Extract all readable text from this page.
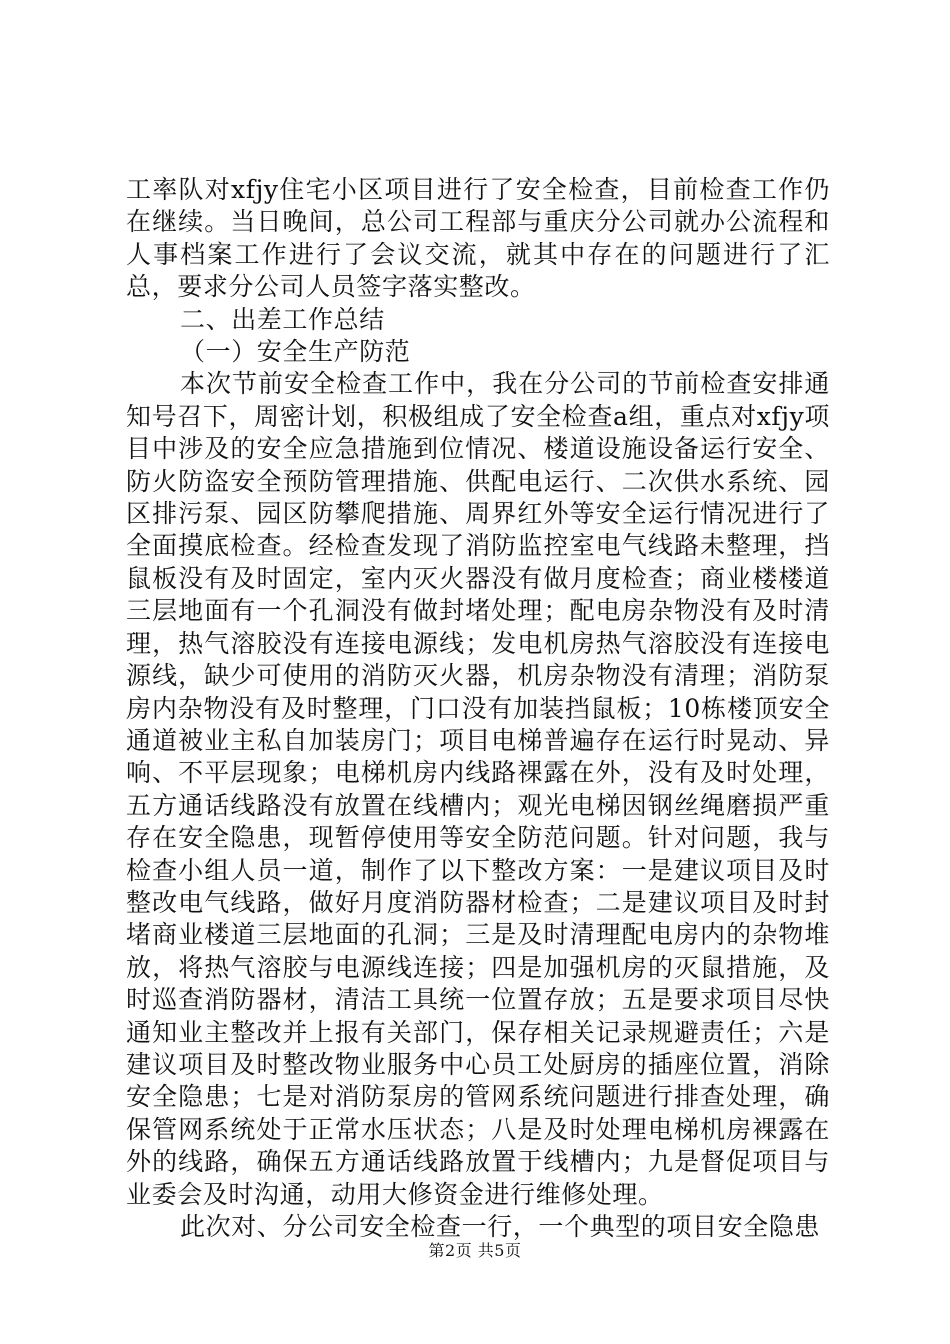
工率队对xfjy住宅小区项目进行了安全检查，目前检查工作仍在继续。当日晚间，总公司工程部与重庆分公司就办公流程和人事档案工作进行了会议交流，就其中存在的问题进行了汇总，要求分公司人员签字落实整改。

二、出差工作总结

（一）安全生产防范

本次节前安全检查工作中，我在分公司的节前检查安排通知号召下，周密计划，积极组成了安全检查a组，重点对xfjy项目中涉及的安全应急措施到位情况、楼道设施设备运行安全、防火防盗安全预防管理措施、供配电运行、二次供水系统、园区排污泵、园区防攀爬措施、周界红外等安全运行情况进行了全面摸底检查。经检查发现了消防监控室电气线路未整理，挡鼠板没有及时固定，室内灭火器没有做月度检查；商业楼楼道三层地面有一个孔洞没有做封堵处理；配电房杂物没有及时清理，热气溶胶没有连接电源线；发电机房热气溶胶没有连接电源线，缺少可使用的消防灭火器，机房杂物没有清理；消防泵房内杂物没有及时整理，门口没有加装挡鼠板；10栋楼顶安全通道被业主私自加装房门；项目电梯普遍存在运行时晃动、异响、不平层现象；电梯机房内线路裸露在外，没有及时处理，五方通话线路没有放置在线槽内；观光电梯因钢丝绳磨损严重存在安全隐患，现暂停使用等安全防范问题。针对问题，我与检查小组人员一道，制作了以下整改方案：一是建议项目及时整改电气线路，做好月度消防器材检查；二是建议项目及时封堵商业楼道三层地面的孔洞；三是及时清理配电房内的杂物堆放，将热气溶胶与电源线连接；四是加强机房的灭鼠措施，及时巡查消防器材，清洁工具统一位置存放；五是要求项目尽快通知业主整改并上报有关部门，保存相关记录规避责任；六是建议项目及时整改物业服务中心员工处厨房的插座位置，消除安全隐患；七是对消防泵房的管网系统问题进行排查处理，确保管网系统处于正常水压状态；八是及时处理电梯机房裸露在外的线路，确保五方通话线路放置于线槽内；九是督促项目与业委会及时沟通，动用大修资金进行维修处理。

此次对、分公司安全检查一行，一个典型的项目安全隐患

第2页 共5页
